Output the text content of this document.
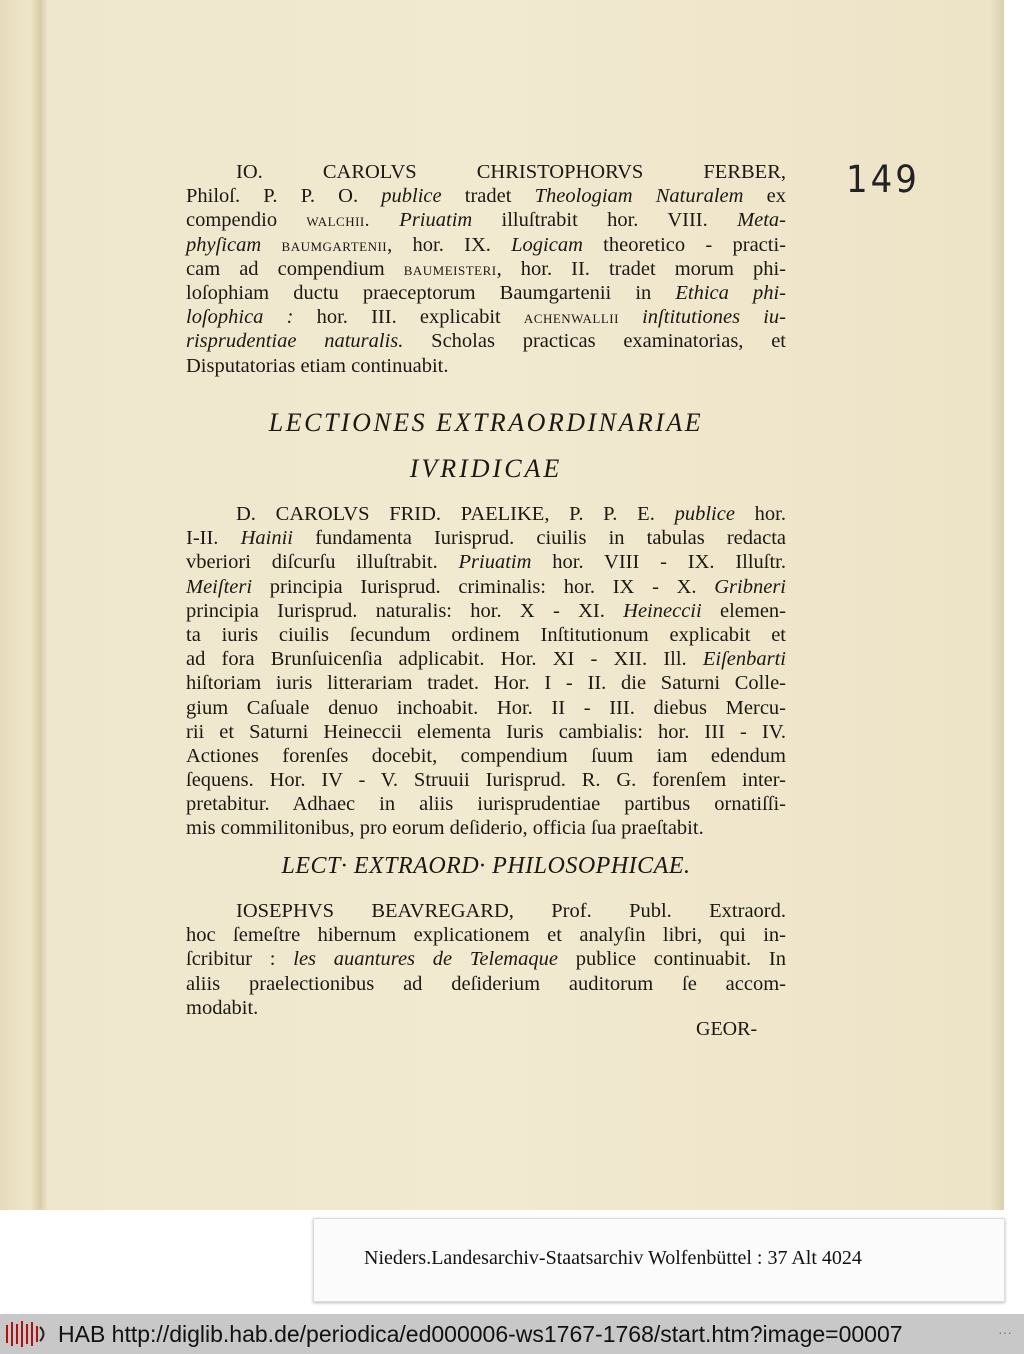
149
IO. CAROLVS CHRISTOPHORVS FERBER,
Philoſ. P. P. O. publice tradet Theologiam Naturalem ex
compendio walchii. Priuatim illuſtrabit hor. VIII. Meta-
phyſicam baumgartenii, hor. IX. Logicam theoretico - practi-
cam ad compendium baumeisteri, hor. II. tradet morum phi-
loſophiam ductu praeceptorum Baumgartenii in Ethica phi-
loſophica : hor. III. explicabit achenwallii inſtitutiones iu-
risprudentiae naturalis. Scholas practicas examinatorias, et
Disputatorias etiam continuabit.
LECTIONES EXTRAORDINARIAE
IVRIDICAE
D. CAROLVS FRID. PAELIKE, P. P. E. publice hor.
I-II. Hainii fundamenta Iurisprud. ciuilis in tabulas redacta
vberiori diſcurſu illuſtrabit. Priuatim hor. VIII - IX. Illuſtr.
Meiſteri principia Iurisprud. criminalis: hor. IX - X. Gribneri
principia Iurisprud. naturalis: hor. X - XI. Heineccii elemen-
ta iuris ciuilis ſecundum ordinem Inſtitutionum explicabit et
ad fora Brunſuicenſia adplicabit. Hor. XI - XII. Ill. Eiſenbarti
hiſtoriam iuris litterariam tradet. Hor. I - II. die Saturni Colle-
gium Caſuale denuo inchoabit. Hor. II - III. diebus Mercu-
rii et Saturni Heineccii elementa Iuris cambialis: hor. III - IV.
Actiones forenſes docebit, compendium ſuum iam edendum
ſequens. Hor. IV - V. Struuii Iurisprud. R. G. forenſem inter-
pretabitur. Adhaec in aliis iurisprudentiae partibus ornatiſſi-
mis commilitonibus, pro eorum deſiderio, officia ſua praeſtabit.
LECT· EXTRAORD· PHILOSOPHICAE.
IOSEPHVS BEAVREGARD, Prof. Publ. Extraord.
hoc ſemeſtre hibernum explicationem et analyſin libri, qui in-
ſcribitur : les auantures de Telemaque publice continuabit. In
aliis praelectionibus ad deſiderium auditorum ſe accom-
modabit.
GEOR-
Nieders.Landesarchiv-Staatsarchiv Wolfenbüttel : 37 Alt 4024
HAB http://diglib.hab.de/periodica/ed000006-ws1767-1768/start.htm?image=00007	···
